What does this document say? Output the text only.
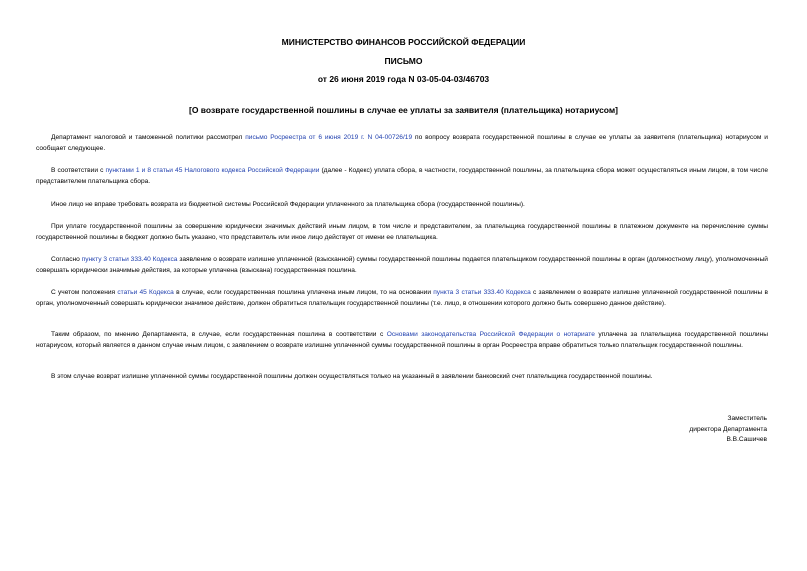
МИНИСТЕРСТВО ФИНАНСОВ РОССИЙСКОЙ ФЕДЕРАЦИИ
ПИСЬМО
от 26 июня 2019 года N 03-05-04-03/46703
[О возврате государственной пошлины в случае ее уплаты за заявителя (плательщика) нотариусом]

Департамент налоговой и таможенной политики рассмотрел письмо Росреестра от 6 июня 2019 г. N 04-00726/19 по вопросу возврата государственной пошлины в случае ее уплаты за заявителя (плательщика) нотариусом и сообщает следующее.

В соответствии с пунктами 1 и 8 статьи 45 Налогового кодекса Российской Федерации (далее - Кодекс) уплата сбора, в частности, государственной пошлины, за плательщика сбора может осуществляться иным лицом, в том числе представителем плательщика сбора.

Иное лицо не вправе требовать возврата из бюджетной системы Российской Федерации уплаченного за плательщика сбора (государственной пошлины).

При уплате государственной пошлины за совершение юридически значимых действий иным лицом, в том числе и представителем, за плательщика государственной пошлины в платежном документе на перечисление суммы государственной пошлины в бюджет должно быть указано, что представитель или иное лицо действует от имени ее плательщика.

Согласно пункту 3 статьи 333.40 Кодекса заявление о возврате излишне уплаченной (взысканной) суммы государственной пошлины подается плательщиком государственной пошлины в орган (должностному лицу), уполномоченный совершать юридически значимые действия, за которые уплачена (взыскана) государственная пошлина.

С учетом положения статьи 45 Кодекса в случае, если государственная пошлина уплачена иным лицом, то на основании пункта 3 статьи 333.40 Кодекса с заявлением о возврате излишне уплаченной государственной пошлины в орган, уполномоченный совершать юридически значимое действие, должен обратиться плательщик государственной пошлины (т.е. лицо, в отношении которого должно быть совершено данное действие).

Таким образом, по мнению Департамента, в случае, если государственная пошлина в соответствии с Основами законодательства Российской Федерации о нотариате уплачена за плательщика государственной пошлины нотариусом, который является в данном случае иным лицом, с заявлением о возврате излишне уплаченной суммы государственной пошлины в орган Росреестра вправе обратиться только плательщик государственной пошлины.

В этом случае возврат излишне уплаченной суммы государственной пошлины должен осуществляться только на указанный в заявлении банковский счет плательщика государственной пошлины.

Заместитель
директора Департамента
В.В.Сашичев
